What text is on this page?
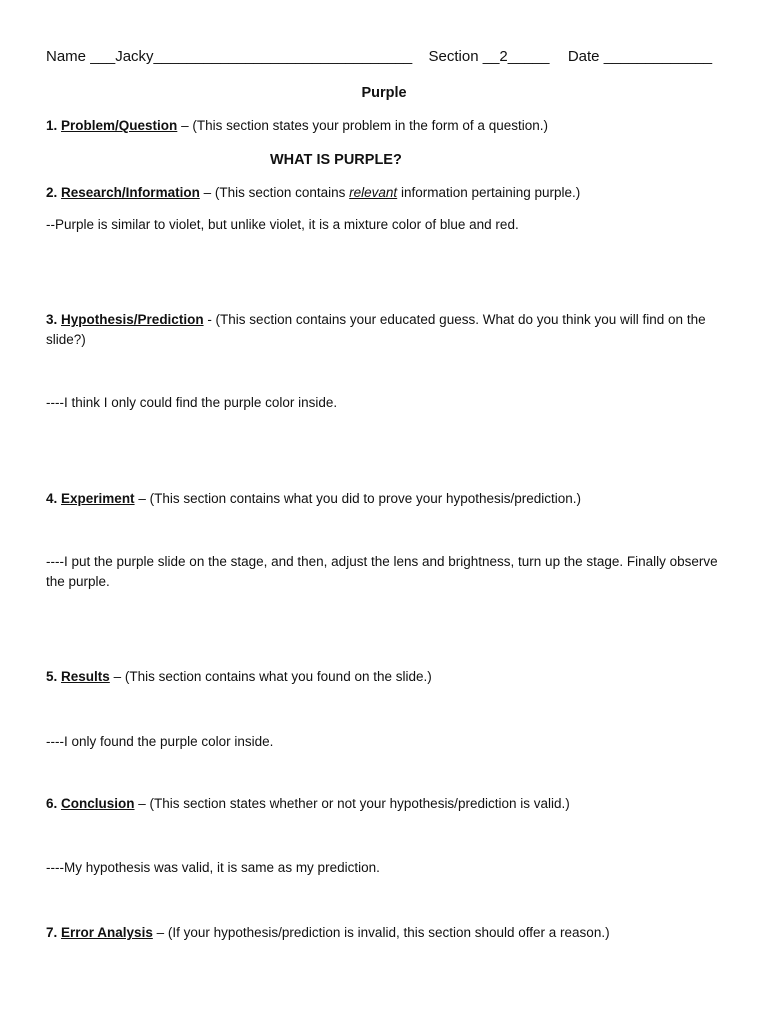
Name ___Jacky_______________________________ Section __2_____ Date _____________
Purple
1. Problem/Question – (This section states your problem in the form of a question.)
WHAT IS PURPLE?
2. Research/Information – (This section contains relevant information pertaining purple.)
--Purple is similar to violet, but unlike violet, it is a mixture color of blue and red.
3. Hypothesis/Prediction - (This section contains your educated guess. What do you think you will find on the slide?)
----I think I only could find the purple color inside.
4. Experiment – (This section contains what you did to prove your hypothesis/prediction.)
----I put the purple slide on the stage, and then, adjust the lens and brightness, turn up the stage. Finally observe the purple.
5. Results – (This section contains what you found on the slide.)
----I only found the purple color inside.
6. Conclusion – (This section states whether or not your hypothesis/prediction is valid.)
----My hypothesis was valid, it is same as my prediction.
7. Error Analysis – (If your hypothesis/prediction is invalid, this section should offer a reason.)
